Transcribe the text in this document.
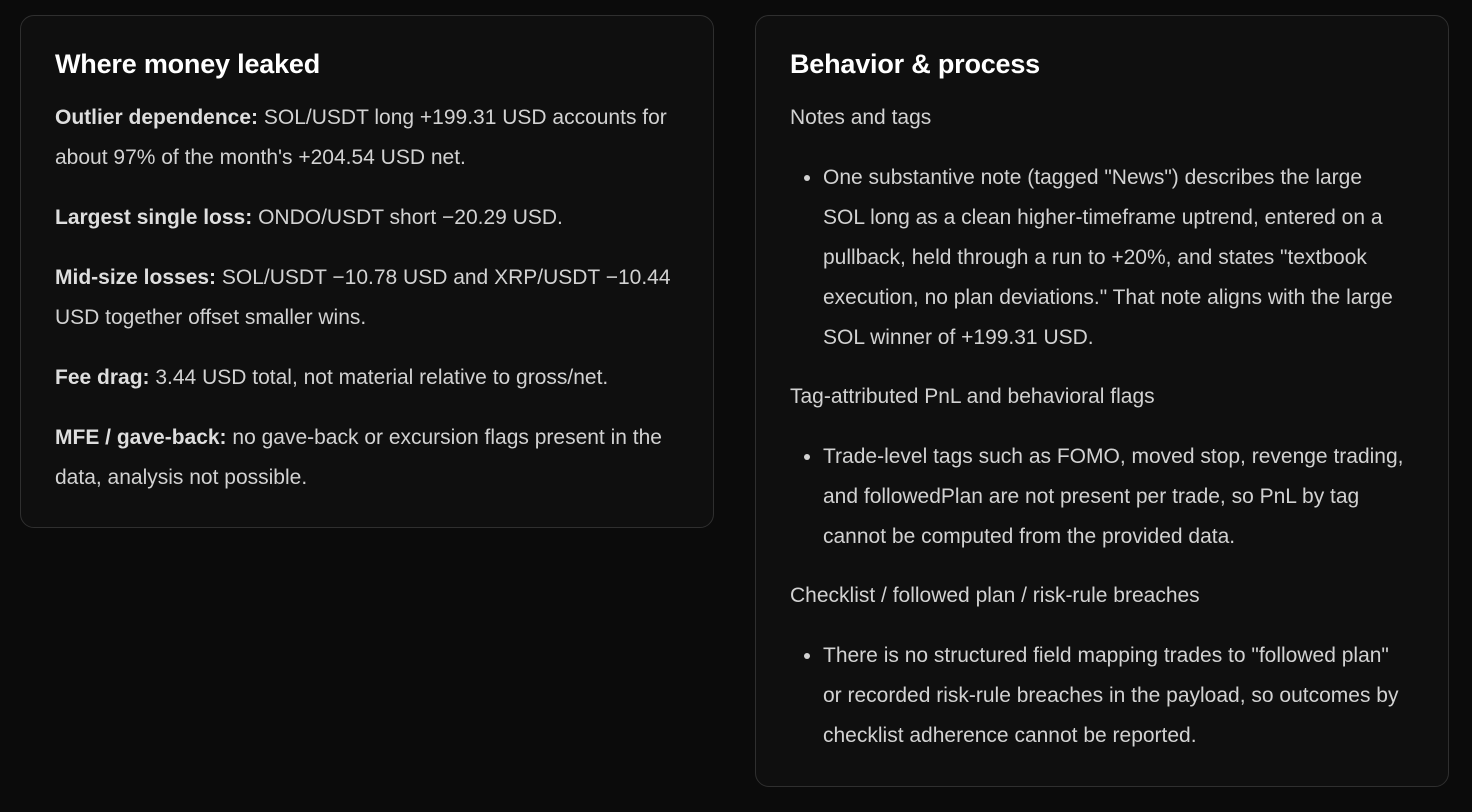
Where money leaked

Outlier dependence: SOL/USDT long +199.31 USD accounts for about 97% of the month's +204.54 USD net.

Largest single loss: ONDO/USDT short −20.29 USD.

Mid-size losses: SOL/USDT −10.78 USD and XRP/USDT −10.44 USD together offset smaller wins.

Fee drag: 3.44 USD total, not material relative to gross/net.

MFE / gave-back: no gave-back or excursion flags present in the data, analysis not possible.

Behavior & process

Notes and tags

One substantive note (tagged "News") describes the large SOL long as a clean higher-timeframe uptrend, entered on a pullback, held through a run to +20%, and states "textbook execution, no plan deviations." That note aligns with the large SOL winner of +199.31 USD.

Tag-attributed PnL and behavioral flags

Trade-level tags such as FOMO, moved stop, revenge trading, and followedPlan are not present per trade, so PnL by tag cannot be computed from the provided data.

Checklist / followed plan / risk-rule breaches

There is no structured field mapping trades to "followed plan" or recorded risk-rule breaches in the payload, so outcomes by checklist adherence cannot be reported.
